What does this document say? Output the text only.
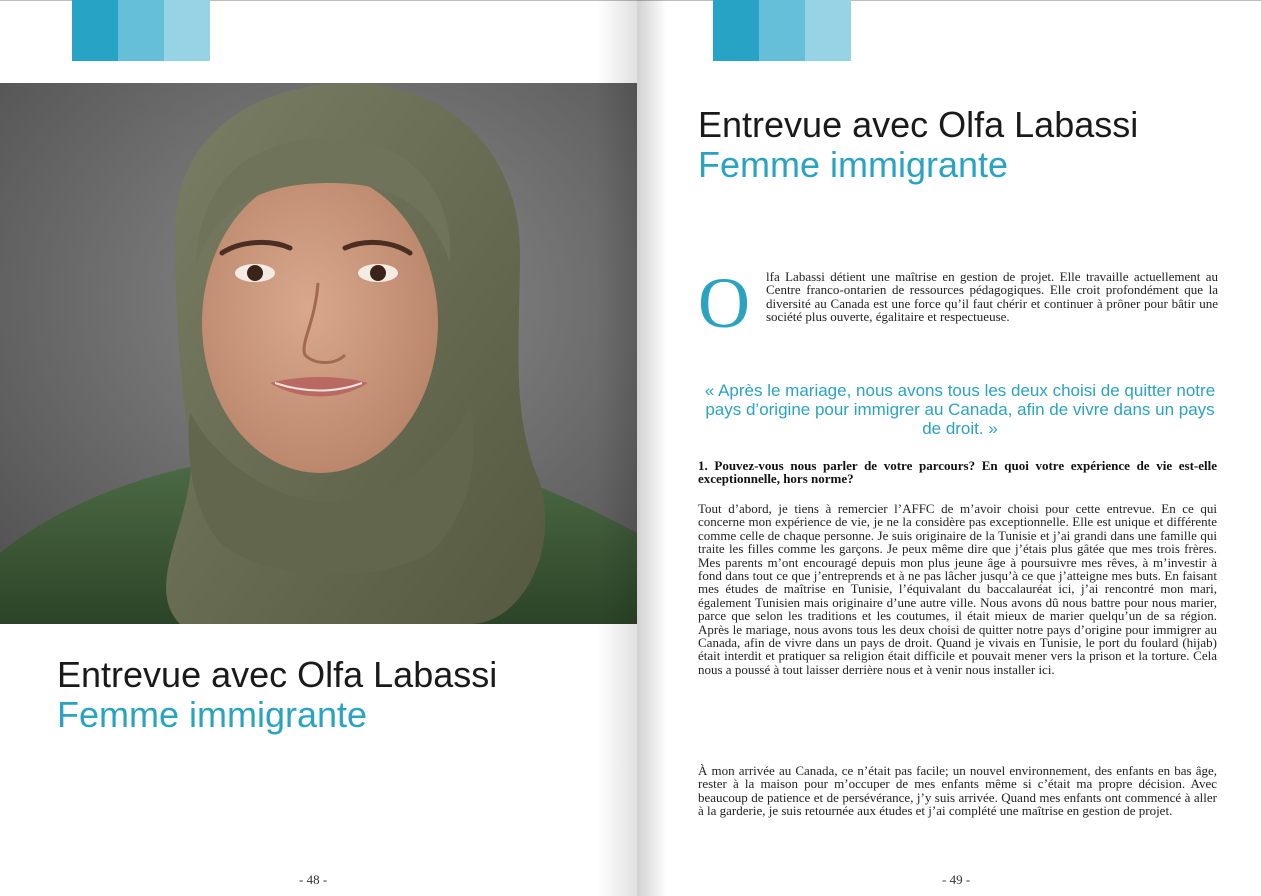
Entrevue avec Olfa Labassi
Femme immigrante
- 48 -
Entrevue avec Olfa Labassi
Femme immigrante
O	lfa Labassi détient une maîtrise en gestion de projet. Elle travaille actuellement au Centre franco-ontarien de ressources pédagogiques. Elle croit profondément que la diversité au Canada est une force qu’il faut chérir et continuer à prôner pour bâtir une société plus ouverte, égalitaire et respectueuse.
« Après le mariage, nous avons tous les deux choisi de quitter notre pays d’origine pour immigrer au Canada, afin de vivre dans un pays de droit. »
1. Pouvez-vous nous parler de votre parcours? En quoi votre expérience de vie est-elle exceptionnelle, hors norme?
Tout d’abord, je tiens à remercier l’AFFC de m’avoir choisi pour cette entrevue. En ce qui concerne mon expérience de vie, je ne la considère pas exceptionnelle. Elle est unique et différente comme celle de chaque personne. Je suis originaire de la Tunisie et j’ai grandi dans une famille qui traite les filles comme les garçons. Je peux même dire que j’étais plus gâtée que mes trois frères. Mes parents m’ont encouragé depuis mon plus jeune âge à poursuivre mes rêves, à m’investir à fond dans tout ce que j’entreprends et à ne pas lâcher jusqu’à ce que j’atteigne mes buts. En faisant mes études de maîtrise en Tunisie, l’équivalant du baccalauréat ici, j’ai rencontré mon mari, également Tunisien mais originaire d’une autre ville. Nous avons dû nous battre pour nous marier, parce que selon les traditions et les coutumes, il était mieux de marier quelqu’un de sa région. Après le mariage, nous avons tous les deux choisi de quitter notre pays d’origine pour immigrer au Canada, afin de vivre dans un pays de droit. Quand je vivais en Tunisie, le port du foulard (hijab) était interdit et pratiquer sa religion était difficile et pouvait mener vers la prison et la torture. Cela nous a poussé à tout laisser derrière nous et à venir nous installer ici.
À mon arrivée au Canada, ce n’était pas facile; un nouvel environnement, des enfants en bas âge, rester à la maison pour m’occuper de mes enfants même si c’était ma propre décision. Avec beaucoup de patience et de persévérance, j’y suis arrivée. Quand mes enfants ont commencé à aller à la garderie, je suis retournée aux études et j’ai complété une maîtrise en gestion de projet.
- 49 -
